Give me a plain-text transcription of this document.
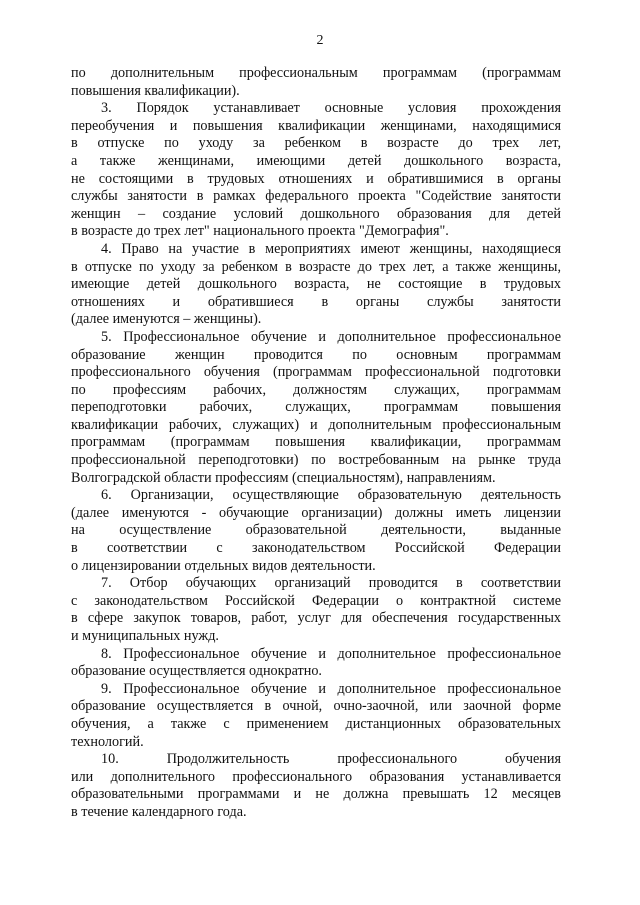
2
по дополнительным профессиональным программам (программам
повышения квалификации).
3. Порядок устанавливает основные условия прохождения
переобучения и повышения квалификации женщинами, находящимися
в отпуске по уходу за ребенком в возрасте до трех лет,
а также женщинами, имеющими детей дошкольного возраста,
не состоящими в трудовых отношениях и обратившимися в органы
службы занятости в рамках федерального проекта "Содействие занятости
женщин – создание условий дошкольного образования для детей
в возрасте до трех лет" национального проекта "Демография".
4. Право на участие в мероприятиях имеют женщины, находящиеся
в отпуске по уходу за ребенком в возрасте до трех лет, а также женщины,
имеющие детей дошкольного возраста, не состоящие в трудовых
отношениях и обратившиеся в органы службы занятости
(далее именуются – женщины).
5. Профессиональное обучение и дополнительное профессиональное
образование женщин проводится по основным программам
профессионального обучения (программам профессиональной подготовки
по профессиям рабочих, должностям служащих, программам
переподготовки рабочих, служащих, программам повышения
квалификации рабочих, служащих) и дополнительным профессиональным
программам (программам повышения квалификации, программам
профессиональной переподготовки) по востребованным на рынке труда
Волгоградской области профессиям (специальностям), направлениям.
6. Организации, осуществляющие образовательную деятельность
(далее именуются - обучающие организации) должны иметь лицензии
на осуществление образовательной деятельности, выданные
в соответствии с законодательством Российской Федерации
о лицензировании отдельных видов деятельности.
7. Отбор обучающих организаций проводится в соответствии
с законодательством Российской Федерации о контрактной системе
в сфере закупок товаров, работ, услуг для обеспечения государственных
и муниципальных нужд.
8. Профессиональное обучение и дополнительное профессиональное
образование осуществляется однократно.
9. Профессиональное обучение и дополнительное профессиональное
образование осуществляется в очной, очно-заочной, или заочной форме
обучения, а также с применением дистанционных образовательных
технологий.
10. Продолжительность профессионального обучения
или дополнительного профессионального образования устанавливается
образовательными программами и не должна превышать 12 месяцев
в течение календарного года.
